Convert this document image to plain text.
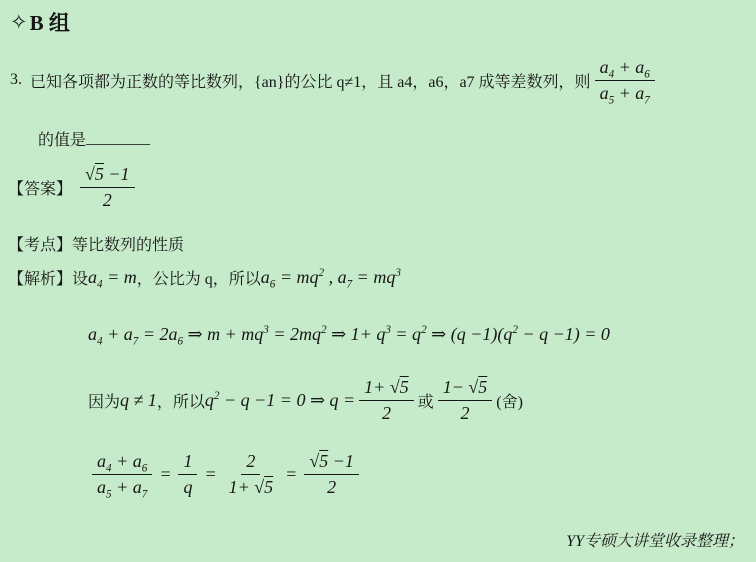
✧ B 组
3. 已知各项都为正数的等比数列，{an}的公比 q≠1，且 a4，a6，a7 成等差数列，则 $\frac{a_4 + a_6}{a_5 + a_7}$
的值是 ________
【答案】 $\frac{√5 -1}{2}$
【考点】 等比数列的性质
【解析】 设 $a_4 = m$ ，公比为 q，所以 $a_6 = mq^2$ , $a_7 = mq^3$
$a_4 + a_7 = 2a_6$ ⇒ $m + mq^3 = 2mq^2$ ⇒ $1+ q^3 = q^2$ ⇒ $(q -1)(q^2 - q -1) = 0$
因为 q ≠ 1 ，所以 $q^2 - q -1 = 0$ ⇒ $q = \frac{1+ √5}{2}$ 或 $\frac{1- √5}{2}$ (舍)
$\frac{a_4 + a_6}{a_5 + a_7} = \frac{1}{q} = \frac{2}{1+ √5} = \frac{√5 -1}{2}$
YY专硕大讲堂收录整理；
